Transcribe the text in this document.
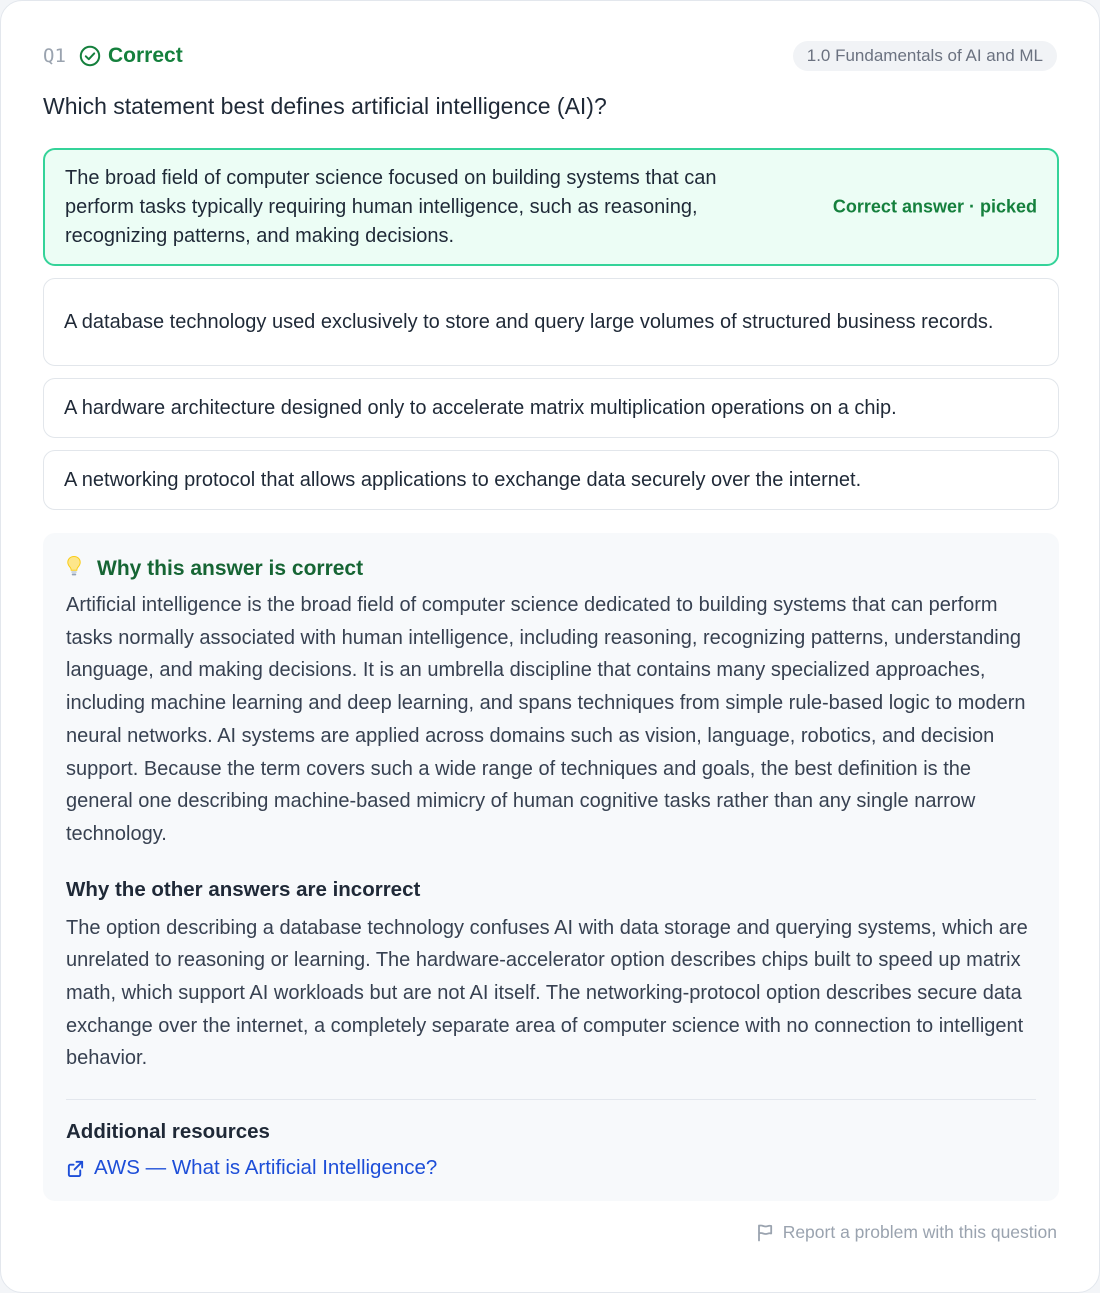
Q1 Correct	1.0 Fundamentals of AI and ML
Which statement best defines artificial intelligence (AI)?
The broad field of computer science focused on building systems that can perform tasks typically requiring human intelligence, such as reasoning, recognizing patterns, and making decisions.
Correct answer · picked
A database technology used exclusively to store and query large volumes of structured business records.
A hardware architecture designed only to accelerate matrix multiplication operations on a chip.
A networking protocol that allows applications to exchange data securely over the internet.
Why this answer is correct

Artificial intelligence is the broad field of computer science dedicated to building systems that can perform tasks normally associated with human intelligence, including reasoning, recognizing patterns, understanding language, and making decisions. It is an umbrella discipline that contains many specialized approaches, including machine learning and deep learning, and spans techniques from simple rule-based logic to modern neural networks. AI systems are applied across domains such as vision, language, robotics, and decision support. Because the term covers such a wide range of techniques and goals, the best definition is the general one describing machine-based mimicry of human cognitive tasks rather than any single narrow technology.

Why the other answers are incorrect

The option describing a database technology confuses AI with data storage and querying systems, which are unrelated to reasoning or learning. The hardware-accelerator option describes chips built to speed up matrix math, which support AI workloads but are not AI itself. The networking-protocol option describes secure data exchange over the internet, a completely separate area of computer science with no connection to intelligent behavior.

Additional resources
AWS — What is Artificial Intelligence?
Report a problem with this question
